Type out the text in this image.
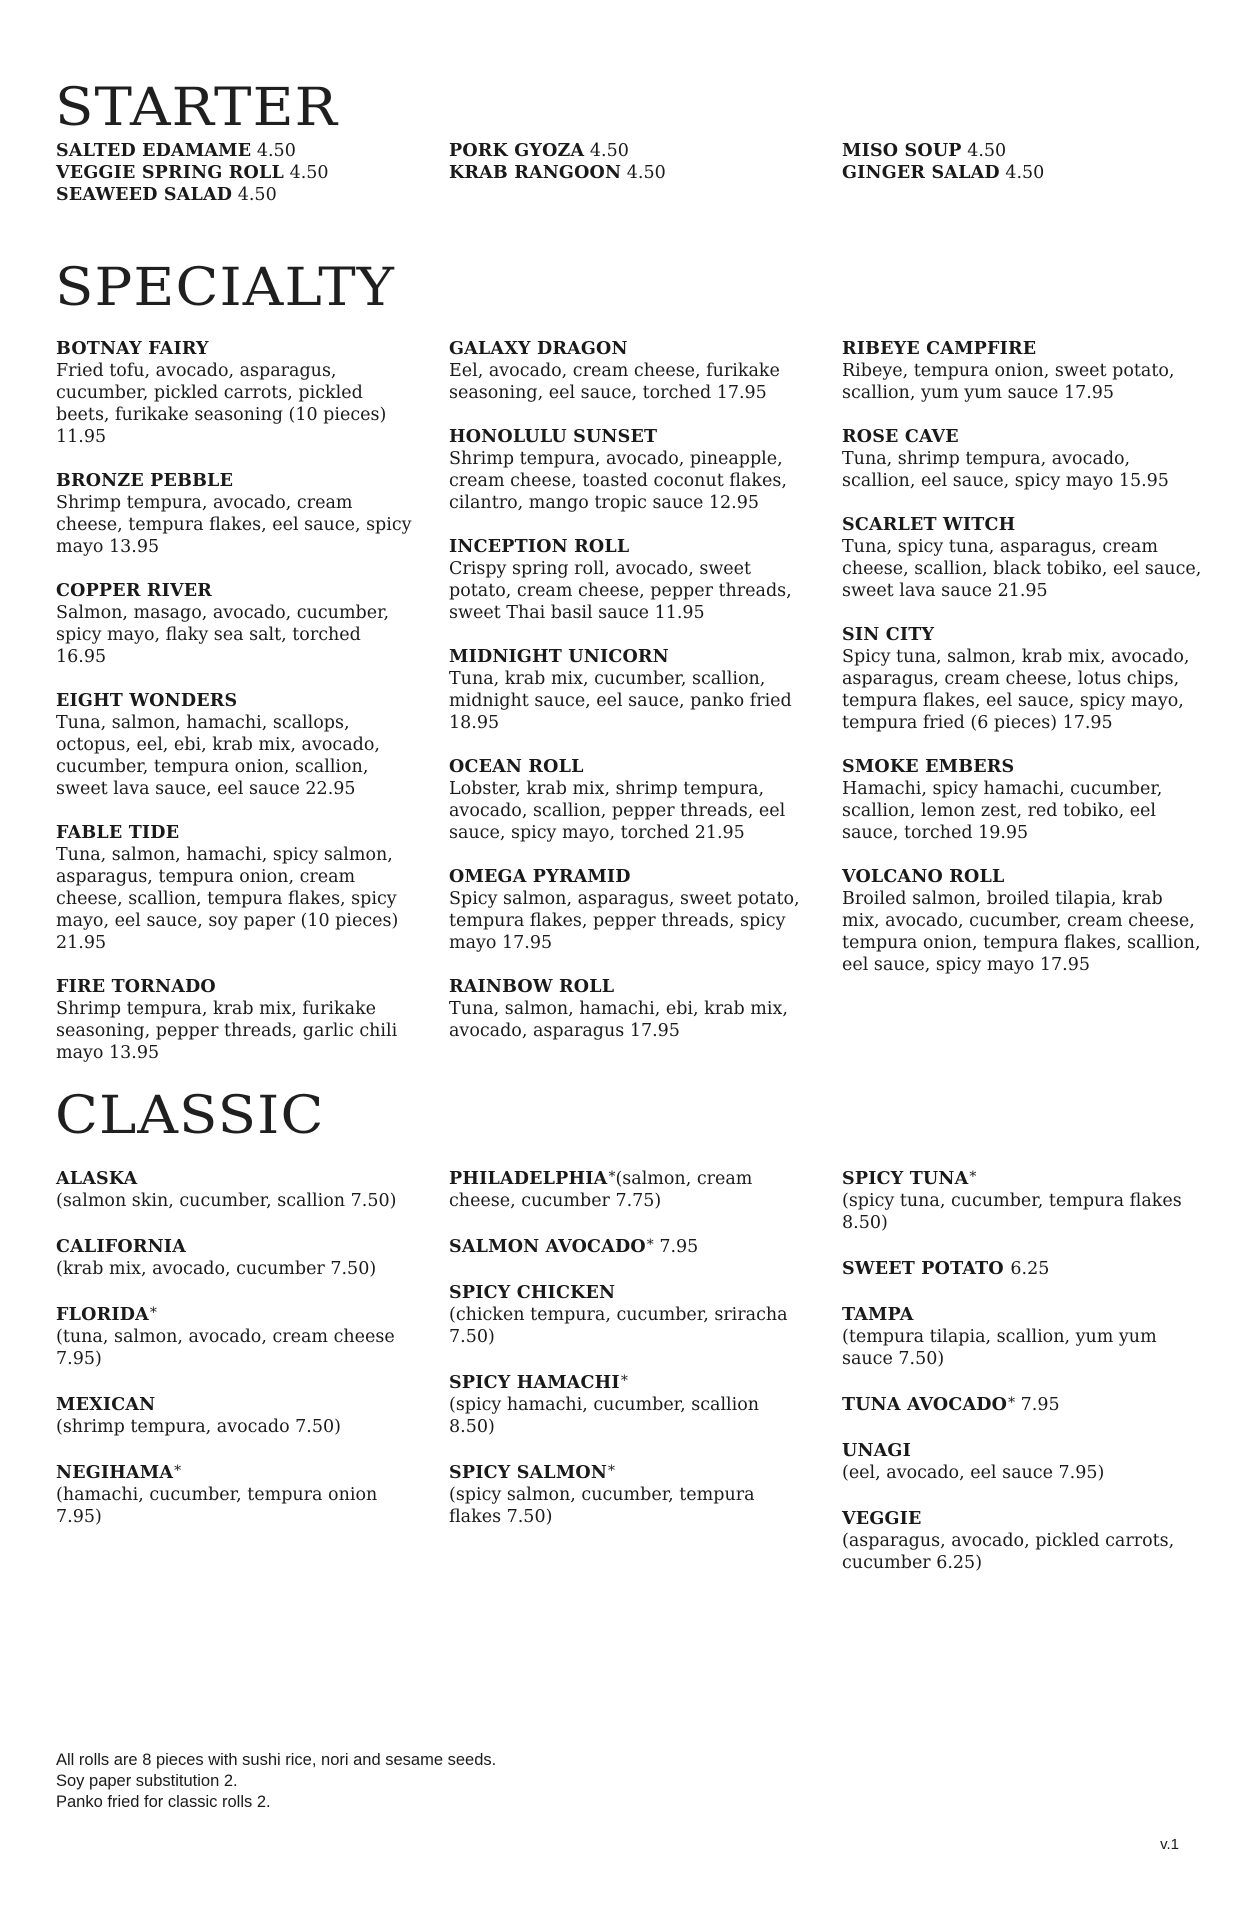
STARTER
SALTED EDAMAME 4.50
VEGGIE SPRING ROLL 4.50
SEAWEED SALAD 4.50
PORK GYOZA 4.50
KRAB RANGOON 4.50
MISO SOUP 4.50
GINGER SALAD 4.50
SPECIALTY
BOTNAY FAIRY
Fried tofu, avocado, asparagus, cucumber, pickled carrots, pickled beets, furikake seasoning (10 pieces) 11.95
BRONZE PEBBLE
Shrimp tempura, avocado, cream cheese, tempura flakes, eel sauce, spicy mayo 13.95
COPPER RIVER
Salmon, masago, avocado, cucumber, spicy mayo, flaky sea salt, torched 16.95
EIGHT WONDERS
Tuna, salmon, hamachi, scallops, octopus, eel, ebi, krab mix, avocado, cucumber, tempura onion, scallion, sweet lava sauce, eel sauce 22.95
FABLE TIDE
Tuna, salmon, hamachi, spicy salmon, asparagus, tempura onion, cream cheese, scallion, tempura flakes, spicy mayo, eel sauce, soy paper (10 pieces) 21.95
FIRE TORNADO
Shrimp tempura, krab mix, furikake seasoning, pepper threads, garlic chili mayo 13.95
GALAXY DRAGON
Eel, avocado, cream cheese, furikake seasoning, eel sauce, torched 17.95
HONOLULU SUNSET
Shrimp tempura, avocado, pineapple, cream cheese, toasted coconut flakes, cilantro, mango tropic sauce 12.95
INCEPTION ROLL
Crispy spring roll, avocado, sweet potato, cream cheese, pepper threads, sweet Thai basil sauce 11.95
MIDNIGHT UNICORN
Tuna, krab mix, cucumber, scallion, midnight sauce, eel sauce, panko fried 18.95
OCEAN ROLL
Lobster, krab mix, shrimp tempura, avocado, scallion, pepper threads, eel sauce, spicy mayo, torched 21.95
OMEGA PYRAMID
Spicy salmon, asparagus, sweet potato, tempura flakes, pepper threads, spicy mayo 17.95
RAINBOW ROLL
Tuna, salmon, hamachi, ebi, krab mix, avocado, asparagus 17.95
RIBEYE CAMPFIRE
Ribeye, tempura onion, sweet potato, scallion, yum yum sauce 17.95
ROSE CAVE
Tuna, shrimp tempura, avocado, scallion, eel sauce, spicy mayo 15.95
SCARLET WITCH
Tuna, spicy tuna, asparagus, cream cheese, scallion, black tobiko, eel sauce, sweet lava sauce 21.95
SIN CITY
Spicy tuna, salmon, krab mix, avocado, asparagus, cream cheese, lotus chips, tempura flakes, eel sauce, spicy mayo, tempura fried (6 pieces) 17.95
SMOKE EMBERS
Hamachi, spicy hamachi, cucumber, scallion, lemon zest, red tobiko, eel sauce, torched 19.95
VOLCANO ROLL
Broiled salmon, broiled tilapia, krab mix, avocado, cucumber, cream cheese, tempura onion, tempura flakes, scallion, eel sauce, spicy mayo 17.95
CLASSIC
ALASKA
(salmon skin, cucumber, scallion 7.50)
CALIFORNIA
(krab mix, avocado, cucumber 7.50)
FLORIDA*
(tuna, salmon, avocado, cream cheese 7.95)
MEXICAN
(shrimp tempura, avocado 7.50)
NEGIHAMA*
(hamachi, cucumber, tempura onion 7.95)
PHILADELPHIA*(salmon, cream cheese, cucumber 7.75)
SALMON AVOCADO* 7.95
SPICY CHICKEN
(chicken tempura, cucumber, sriracha 7.50)
SPICY HAMACHI*
(spicy hamachi, cucumber, scallion 8.50)
SPICY SALMON*
(spicy salmon, cucumber, tempura flakes 7.50)
SPICY TUNA*
(spicy tuna, cucumber, tempura flakes 8.50)
SWEET POTATO 6.25
TAMPA
(tempura tilapia, scallion, yum yum sauce 7.50)
TUNA AVOCADO* 7.95
UNAGI
(eel, avocado, eel sauce 7.95)
VEGGIE
(asparagus, avocado, pickled carrots, cucumber 6.25)
All rolls are 8 pieces with sushi rice, nori and sesame seeds.
Soy paper substitution 2.
Panko fried for classic rolls 2.
v.1
